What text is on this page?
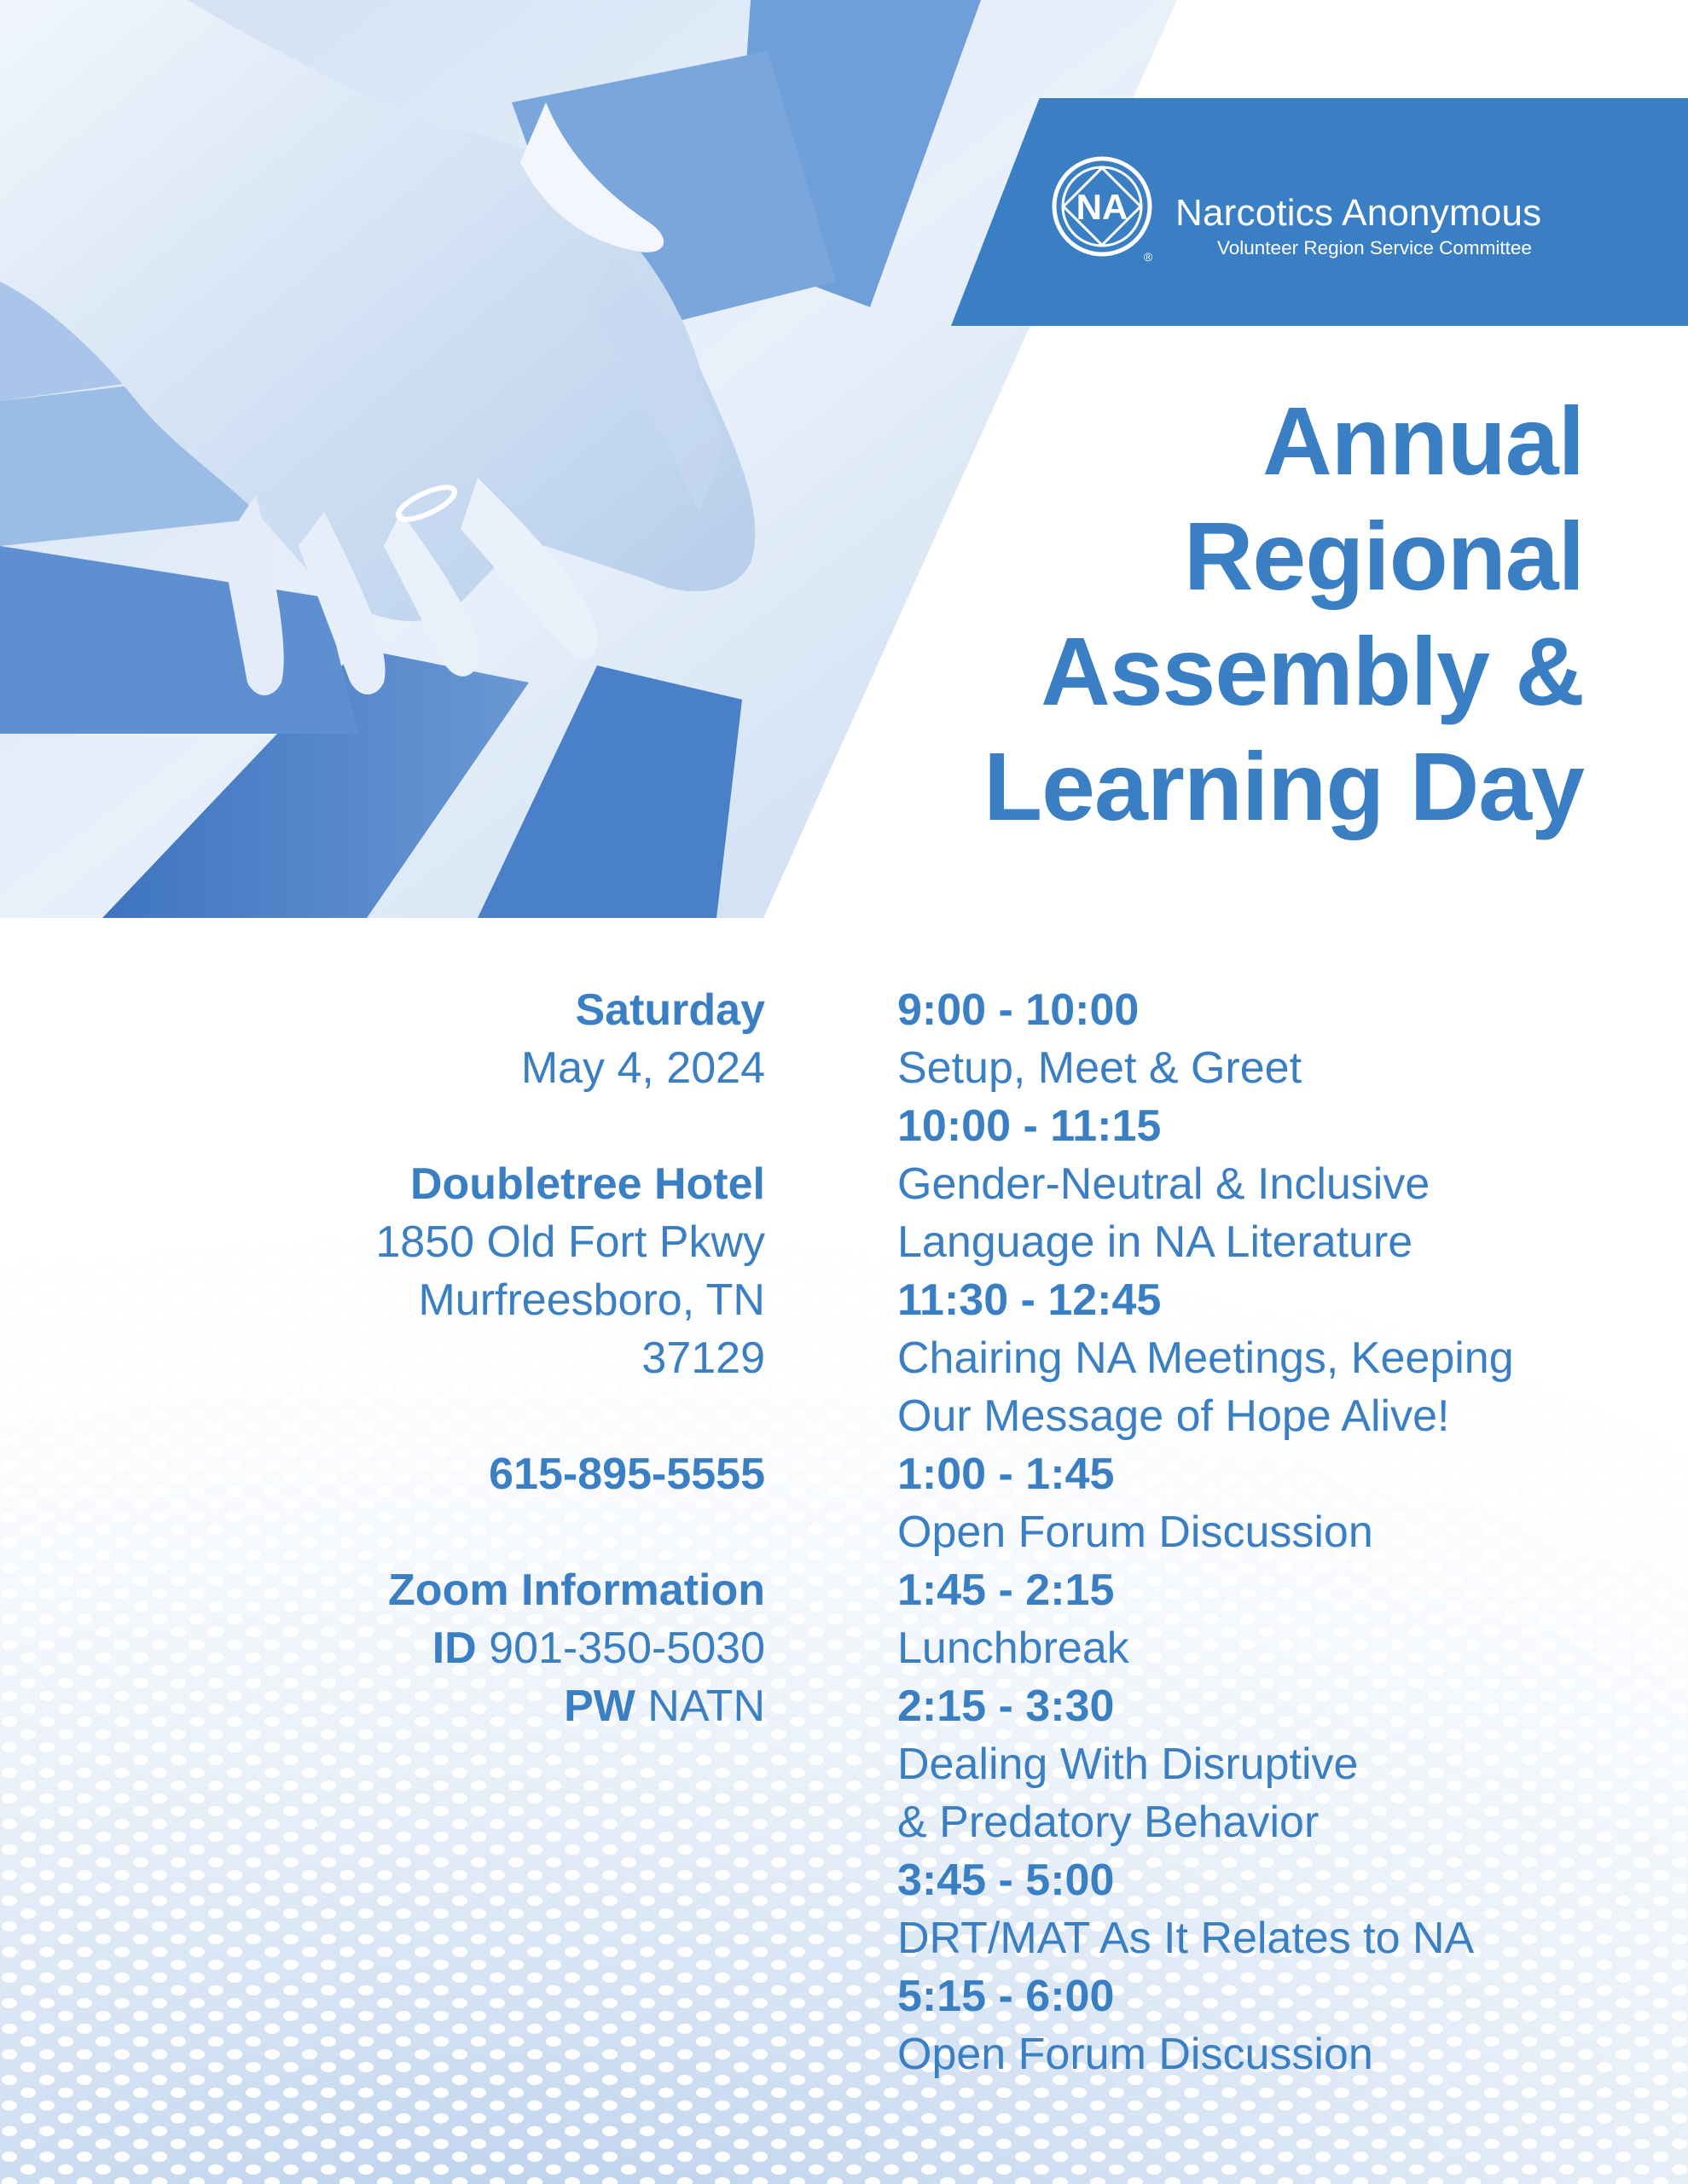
NA
®
Narcotics Anonymous
Volunteer Region Service Committee
Annual
Regional
Assembly &
Learning Day
Saturday
May 4, 2024
Doubletree Hotel
1850 Old Fort Pkwy
Murfreesboro, TN
37129
615-895-5555
Zoom Information
ID 901-350-5030
PW NATN
9:00 - 10:00
Setup, Meet & Greet
10:00 - 11:15
Gender-Neutral & Inclusive
Language in NA Literature
11:30 - 12:45
Chairing NA Meetings, Keeping
Our Message of Hope Alive!
1:00 - 1:45
Open Forum Discussion
1:45 - 2:15
Lunchbreak
2:15 - 3:30
Dealing With Disruptive
& Predatory Behavior
3:45 - 5:00
DRT/MAT As It Relates to NA
5:15 - 6:00
Open Forum Discussion
